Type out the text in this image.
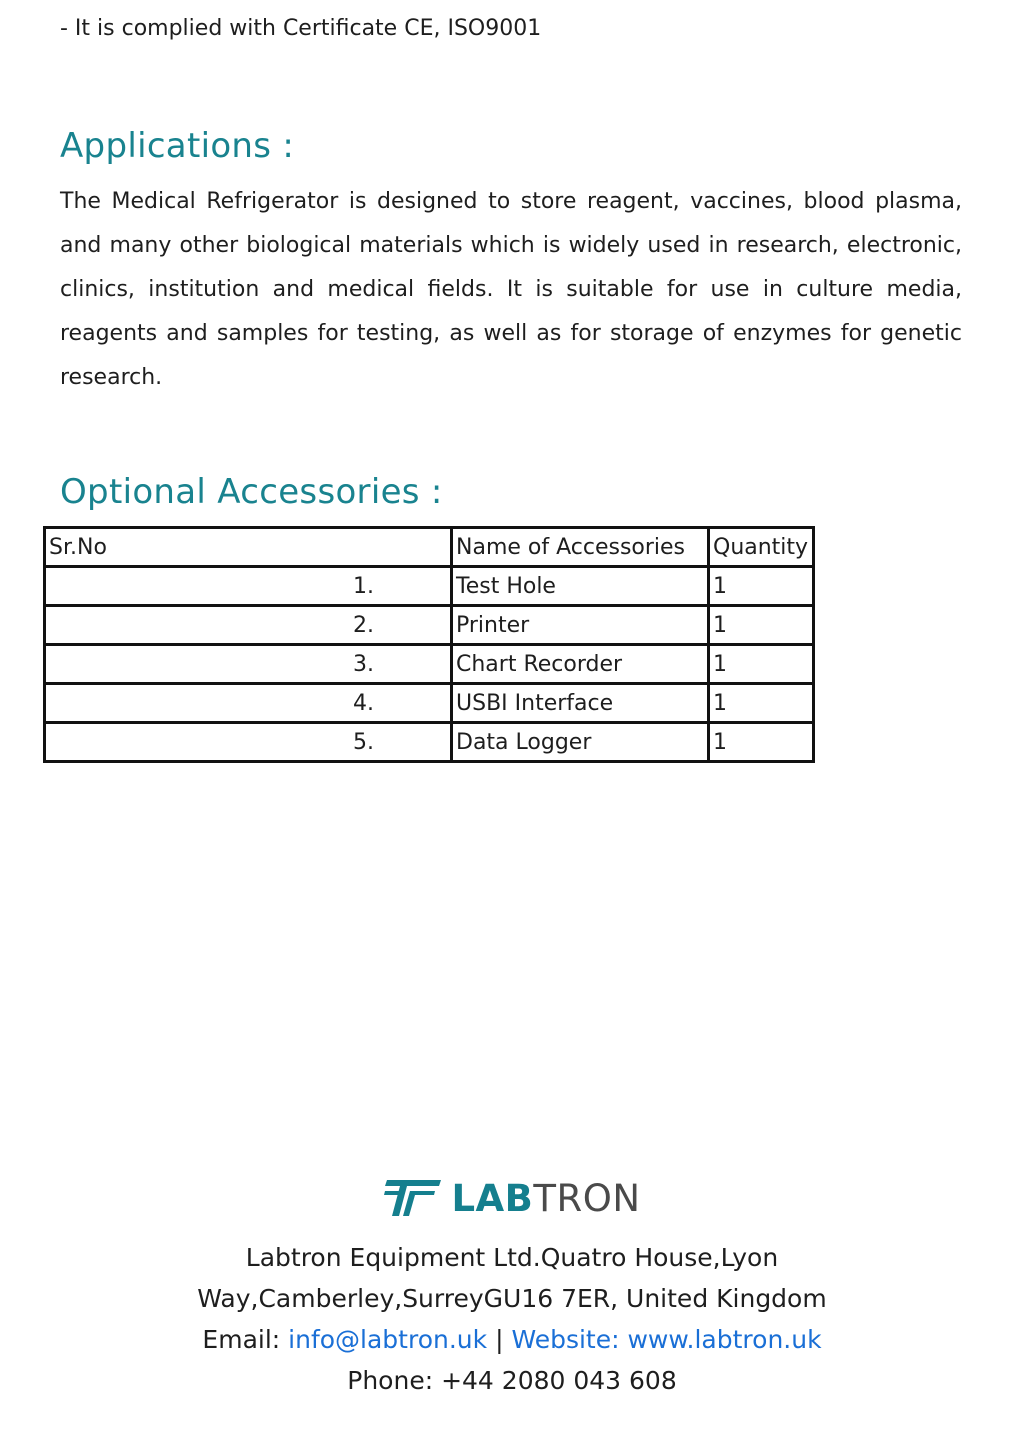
- It is complied with Certificate CE, ISO9001
Applications :

The Medical Refrigerator is designed to store reagent, vaccines, blood plasma, and many other biological materials which is widely used in research, electronic, clinics, institution and medical fields. It is suitable for use in culture media, reagents and samples for testing, as well as for storage of enzymes for genetic research.

Optional Accessories :
Sr.No	Name of Accessories	Quantity
1.	Test Hole	1
2.	Printer	1
3.	Chart Recorder	1
4.	USBI Interface	1
5.	Data Logger	1
LABTRON
Labtron Equipment Ltd.Quatro House,Lyon
Way,Camberley,SurreyGU16 7ER, United Kingdom
Email: info@labtron.uk | Website: www.labtron.uk
Phone: +44 2080 043 608
